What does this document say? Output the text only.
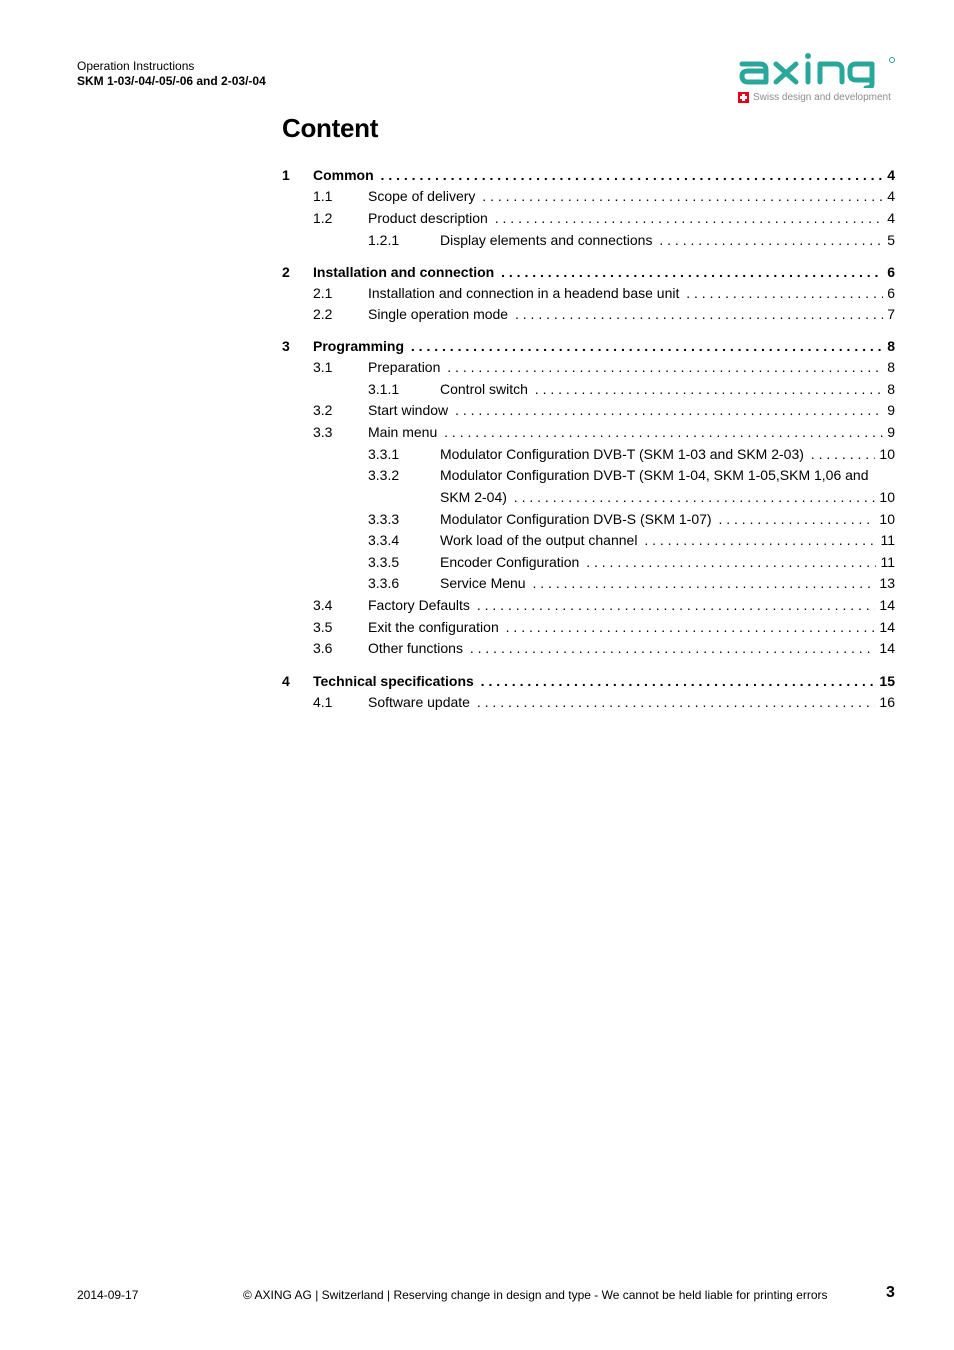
Operation Instructions
SKM 1-03/-04/-05/-06 and 2-03/-04
Swiss design and development
Content
1 Common . . .	4
1.1	Scope of delivery . . .	4
1.2	Product description . . .	4
1.2.1	Display elements and connections . . .	5
2 Installation and connection . . .	6
2.1	Installation and connection in a headend base unit . . .	6
2.2	Single operation mode . . .	7
3 Programming . . .	8
3.1	Preparation . . .	8
3.1.1	Control switch . . .	8
3.2	Start window . . .	9
3.3	Main menu . . .	9
3.3.1	Modulator Configuration DVB-T (SKM 1-03 and SKM 2-03) . . .	10
3.3.2	Modulator Configuration DVB-T (SKM 1-04, SKM 1-05,SKM 1,06 and
SKM 2-04) . . .	10
3.3.3	Modulator Configuration DVB-S (SKM 1-07) . . .	10
3.3.4	Work load of the output channel . . .	11
3.3.5	Encoder Configuration . . .	11
3.3.6	Service Menu . . .	13
3.4	Factory Defaults . . .	14
3.5	Exit the configuration . . .	14
3.6	Other functions . . .	14
4 Technical specifications . . .	15
4.1	Software update . . .	16
2014-09-17	© AXING AG | Switzerland | Reserving change in design and type - We cannot be held liable for printing errors	3
